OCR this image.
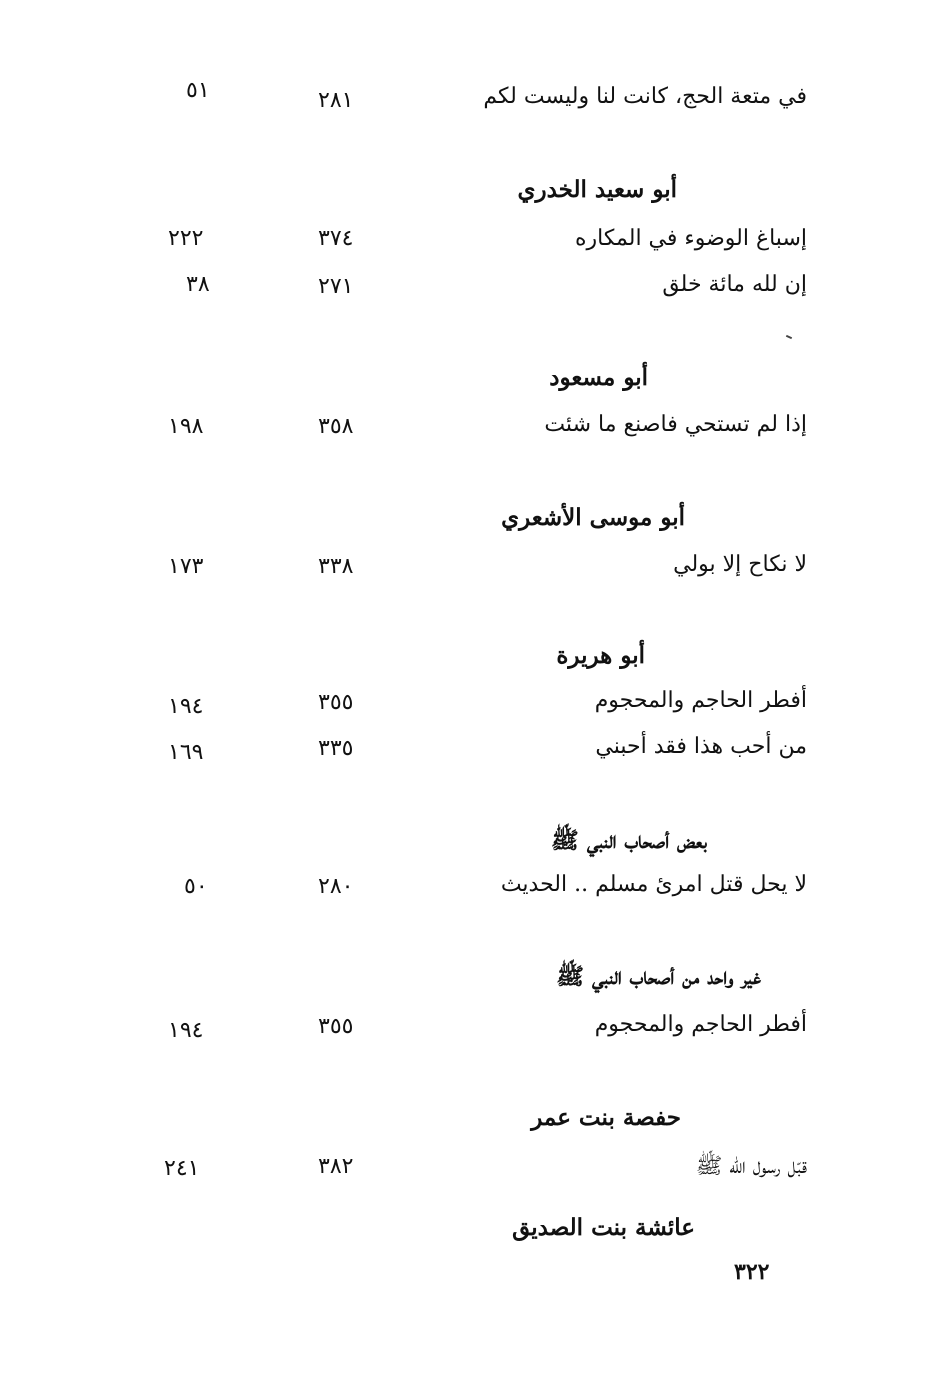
في متعة الحج، كانت لنا وليست لكم
٢٨١
٥١
أبو سعيد الخدري
إسباغ الوضوء في المكاره
٣٧٤
٢٢٢
إن لله مائة خلق
٢٧١
٣٨
أبو مسعود
إذا لم تستحي فاصنع ما شئت
٣٥٨
١٩٨
أبو موسى الأشعري
لا نكاح إلا بولي
٣٣٨
١٧٣
أبو هريرة
أفطر الحاجم والمحجوم
٣٥٥
١٩٤
من أحب هذا فقد أحبني
٣٣٥
١٦٩
بعض أصحاب النبي ﷺ
لا يحل قتل امرئ مسلم .. الحديث
٢٨٠
٥٠
غير واحد من أصحاب النبي ﷺ
أفطر الحاجم والمحجوم
٣٥٥
١٩٤
حفصة بنت عمر
قبّل رسول الله ﷺ
٣٨٢
٢٤١
عائشة بنت الصديق
٣٢٢
